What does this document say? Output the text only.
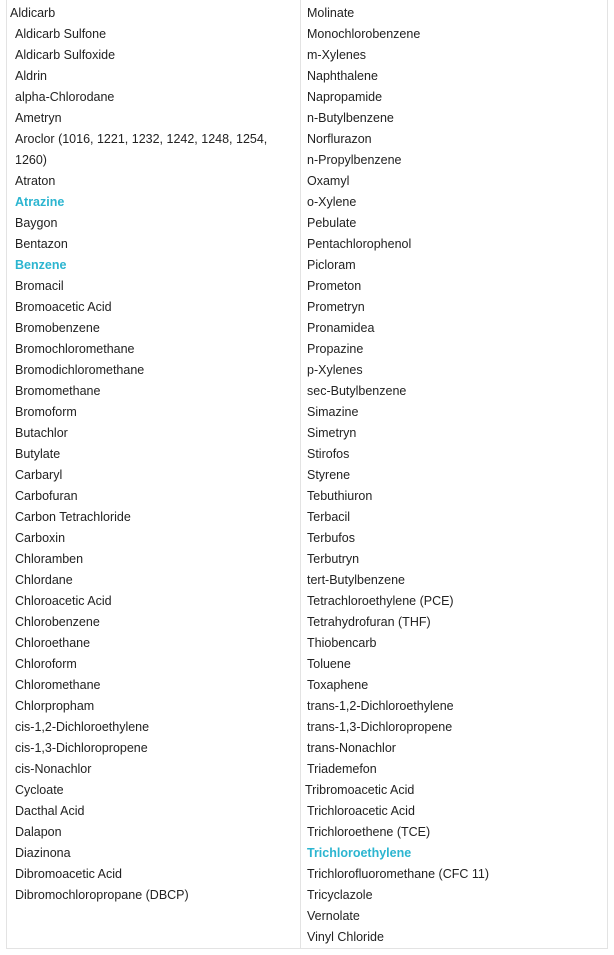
Aldicarb
Aldicarb Sulfone
Aldicarb Sulfoxide
Aldrin
alpha-Chlorodane
Ametryn
Aroclor (1016, 1221, 1232, 1242, 1248, 1254, 1260)
Atraton
Atrazine
Baygon
Bentazon
Benzene
Bromacil
Bromoacetic Acid
Bromobenzene
Bromochloromethane
Bromodichloromethane
Bromomethane
Bromoform
Butachlor
Butylate
Carbaryl
Carbofuran
Carbon Tetrachloride
Carboxin
Chloramben
Chlordane
Chloroacetic Acid
Chlorobenzene
Chloroethane
Chloroform
Chloromethane
Chlorpropham
cis-1,2-Dichloroethylene
cis-1,3-Dichloropropene
cis-Nonachlor
Cycloate
Dacthal Acid
Dalapon
Diazinona
Dibromoacetic Acid
Dibromochloropropane (DBCP)
Molinate
Monochlorobenzene
m-Xylenes
Naphthalene
Napropamide
n-Butylbenzene
Norflurazon
n-Propylbenzene
Oxamyl
o-Xylene
Pebulate
Pentachlorophenol
Picloram
Prometon
Prometryn
Pronamidea
Propazine
p-Xylenes
sec-Butylbenzene
Simazine
Simetryn
Stirofos
Styrene
Tebuthiuron
Terbacil
Terbufos
Terbutryn
tert-Butylbenzene
Tetrachloroethylene (PCE)
Tetrahydrofuran (THF)
Thiobencarb
Toluene
Toxaphene
trans-1,2-Dichloroethylene
trans-1,3-Dichloropropene
trans-Nonachlor
Triademefon
Tribromoacetic Acid
Trichloroacetic Acid
Trichloroethene (TCE)
Trichloroethylene
Trichlorofluoromethane (CFC 11)
Tricyclazole
Vernolate
Vinyl Chloride
